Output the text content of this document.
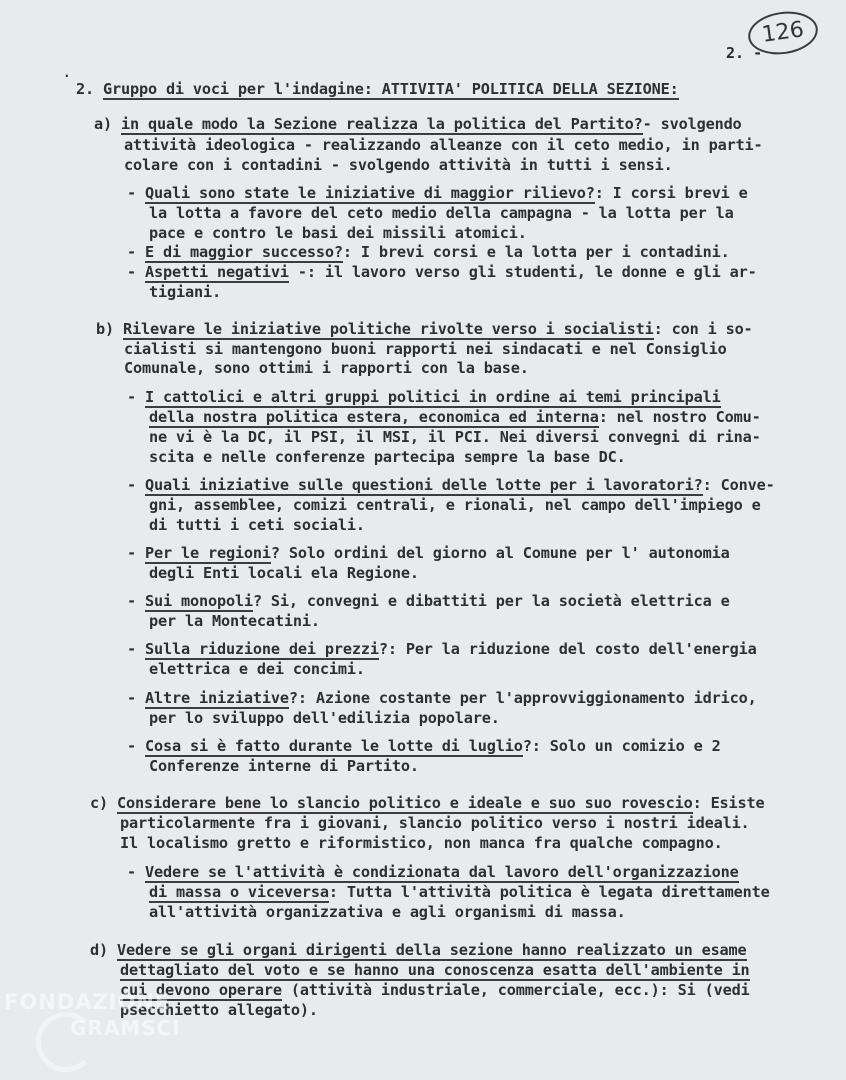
126
2. -
.
2. Gruppo di voci per l'indagine: ATTIVITA' POLITICA DELLA SEZIONE:
a) in quale modo la Sezione realizza la politica del Partito?- svolgendo
attività ideologica - realizzando alleanze con il ceto medio, in parti-
colare con i contadini - svolgendo attività in tutti i sensi.
- Quali sono state le iniziative di maggior rilievo?: I corsi brevi e
la lotta a favore del ceto medio della campagna - la lotta per la
pace e contro le basi dei missili atomici.
- E di maggior successo?: I brevi corsi e la lotta per i contadini.
- Aspetti negativi -: il lavoro verso gli studenti, le donne e gli ar-
tigiani.
b) Rilevare le iniziative politiche rivolte verso i socialisti: con i so-
cialisti si mantengono buoni rapporti nei sindacati e nel Consiglio
Comunale, sono ottimi i rapporti con la base.
- I cattolici e altri gruppi politici in ordine ai temi principali
della nostra politica estera, economica ed interna: nel nostro Comu-
ne vi è la DC, il PSI, il MSI, il PCI. Nei diversi convegni di rina-
scita e nelle conferenze partecipa sempre la base DC.
- Quali iniziative sulle questioni delle lotte per i lavoratori?: Conve-
gni, assemblee, comizi centrali, e rionali, nel campo dell'impiego e
di tutti i ceti sociali.
- Per le regioni? Solo ordini del giorno al Comune per l' autonomia
degli Enti locali ela Regione.
- Sui monopoli? Si, convegni e dibattiti per la società elettrica e
per la Montecatini.
- Sulla riduzione dei prezzi?: Per la riduzione del costo dell'energia
elettrica e dei concimi.
- Altre iniziative?: Azione costante per l'approvviggionamento idrico,
per lo sviluppo dell'edilizia popolare.
- Cosa si è fatto durante le lotte di luglio?: Solo un comizio e 2
Conferenze interne di Partito.
c) Considerare bene lo slancio politico e ideale e suo suo rovescio: Esiste
particolarmente fra i giovani, slancio politico verso i nostri ideali.
Il localismo gretto e riformistico, non manca fra qualche compagno.
- Vedere se l'attività è condizionata dal lavoro dell'organizzazione
di massa o viceversa: Tutta l'attività politica è legata direttamente
all'attività organizzativa e agli organismi di massa.
d) Vedere se gli organi dirigenti della sezione hanno realizzato un esame
dettagliato del voto e se hanno una conoscenza esatta dell'ambiente in
cui devono operare (attività industriale, commerciale, ecc.): Si (vedi
psecchietto allegato).
FONDAZIONE
GRAMSCI
